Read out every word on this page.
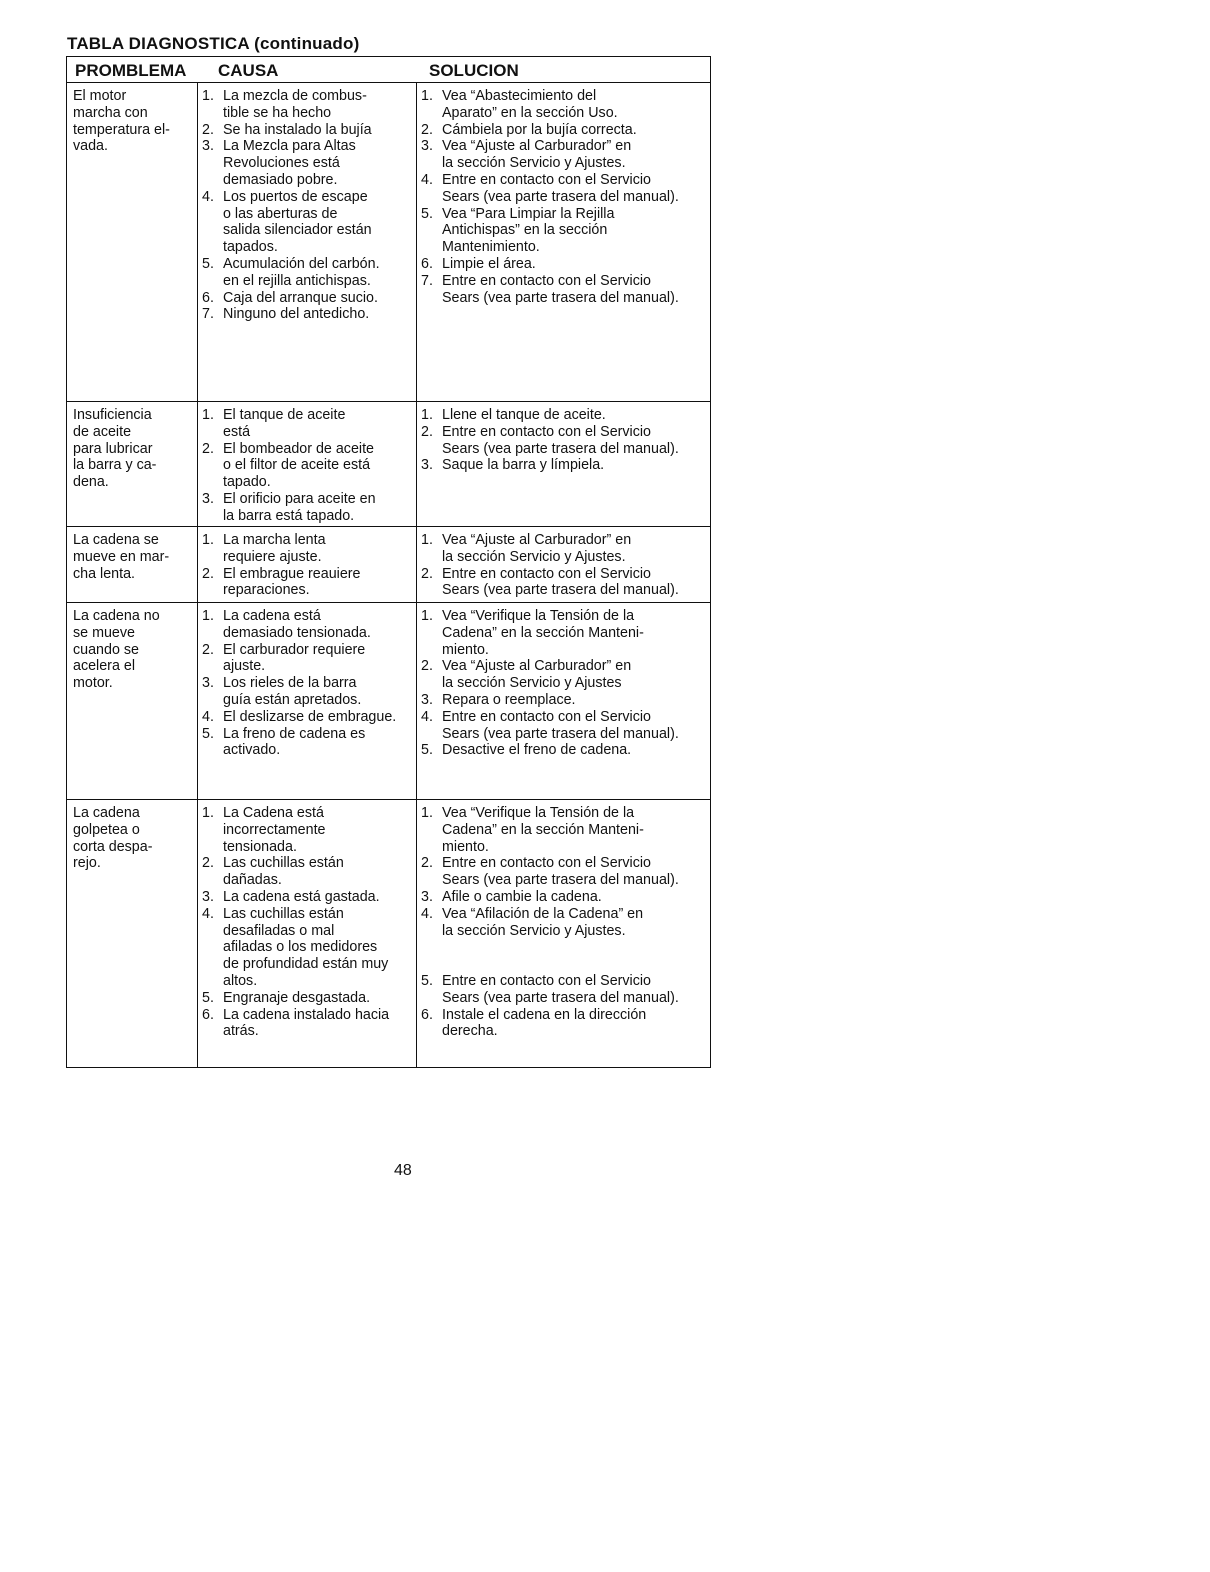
TABLA DIAGNOSTICA (continuado)
PROMBLEMA	CAUSA	SOLUCION
El motor
marcha con
temperatura el-
vada.
1. La mezcla de combus-
tible se ha hecho
2. Se ha instalado la bujía
3. La Mezcla para Altas
Revoluciones está
demasiado pobre.
4. Los puertos de escape
o las aberturas de
salida silenciador están
tapados.
5. Acumulación del carbón.
en el rejilla antichispas.

6. Caja del arranque sucio.
7. Ninguno del antedicho.
1. Vea “Abastecimiento del
Aparato” en la sección Uso.
2. Cámbiela por la bujía correcta.
3. Vea “Ajuste al Carburador” en
la sección Servicio y Ajustes.

4. Entre en contacto con el Servicio
Sears (vea parte trasera del manual).

5. Vea “Para Limpiar la Rejilla
Antichispas” en la sección
Mantenimiento.
6. Limpie el área.
7. Entre en contacto con el Servicio
Sears (vea parte trasera del manual).
Insuficiencia
de aceite
para lubricar
la barra y ca-
dena.
1. El tanque de aceite
está
2. El bombeador de aceite
o el filtor de aceite está
tapado.
3. El orificio para aceite en
la barra está tapado.
1. Llene el tanque de aceite.

2. Entre en contacto con el Servicio
Sears (vea parte trasera del manual).

3. Saque la barra y límpiela.
La cadena se
mueve en mar-
cha lenta.
1. La marcha lenta
requiere ajuste.
2. El embrague reauiere
reparaciones.
1. Vea “Ajuste al Carburador” en
la sección Servicio y Ajustes.
2. Entre en contacto con el Servicio
Sears (vea parte trasera del manual).
La cadena no
se mueve
cuando se
acelera el
motor.
1. La cadena está
demasiado tensionada.

2. El carburador requiere
ajuste.
3. Los rieles de la barra
guía están apretados.
4. El deslizarse de embrague.

5. La freno de cadena es
activado.
1. Vea “Verifique la Tensión de la
Cadena” en la sección Manteni-
miento.
2. Vea “Ajuste al Carburador” en
la sección Servicio y Ajustes
3. Repara o reemplace.

4. Entre en contacto con el Servicio
Sears (vea parte trasera del manual).
5. Desactive el freno de cadena.
La cadena
golpetea o
corta despa-
rejo.
1. La Cadena está
incorrectamente
tensionada.
2. Las cuchillas están
dañadas.
3. La cadena está gastada.
4. Las cuchillas están
desafiladas o mal
afiladas o los medidores
de profundidad están muy
altos.
5. Engranaje desgastada.

6. La cadena instalado hacia
atrás.
1. Vea “Verifique la Tensión de la
Cadena” en la sección Manteni-
miento.
2. Entre en contacto con el Servicio
Sears (vea parte trasera del manual).
3. Afile o cambie la cadena.
4. Vea “Afilación de la Cadena” en
la sección Servicio y Ajustes.

5. Entre en contacto con el Servicio
Sears (vea parte trasera del manual).
6. Instale el cadena en la dirección
derecha.
48
